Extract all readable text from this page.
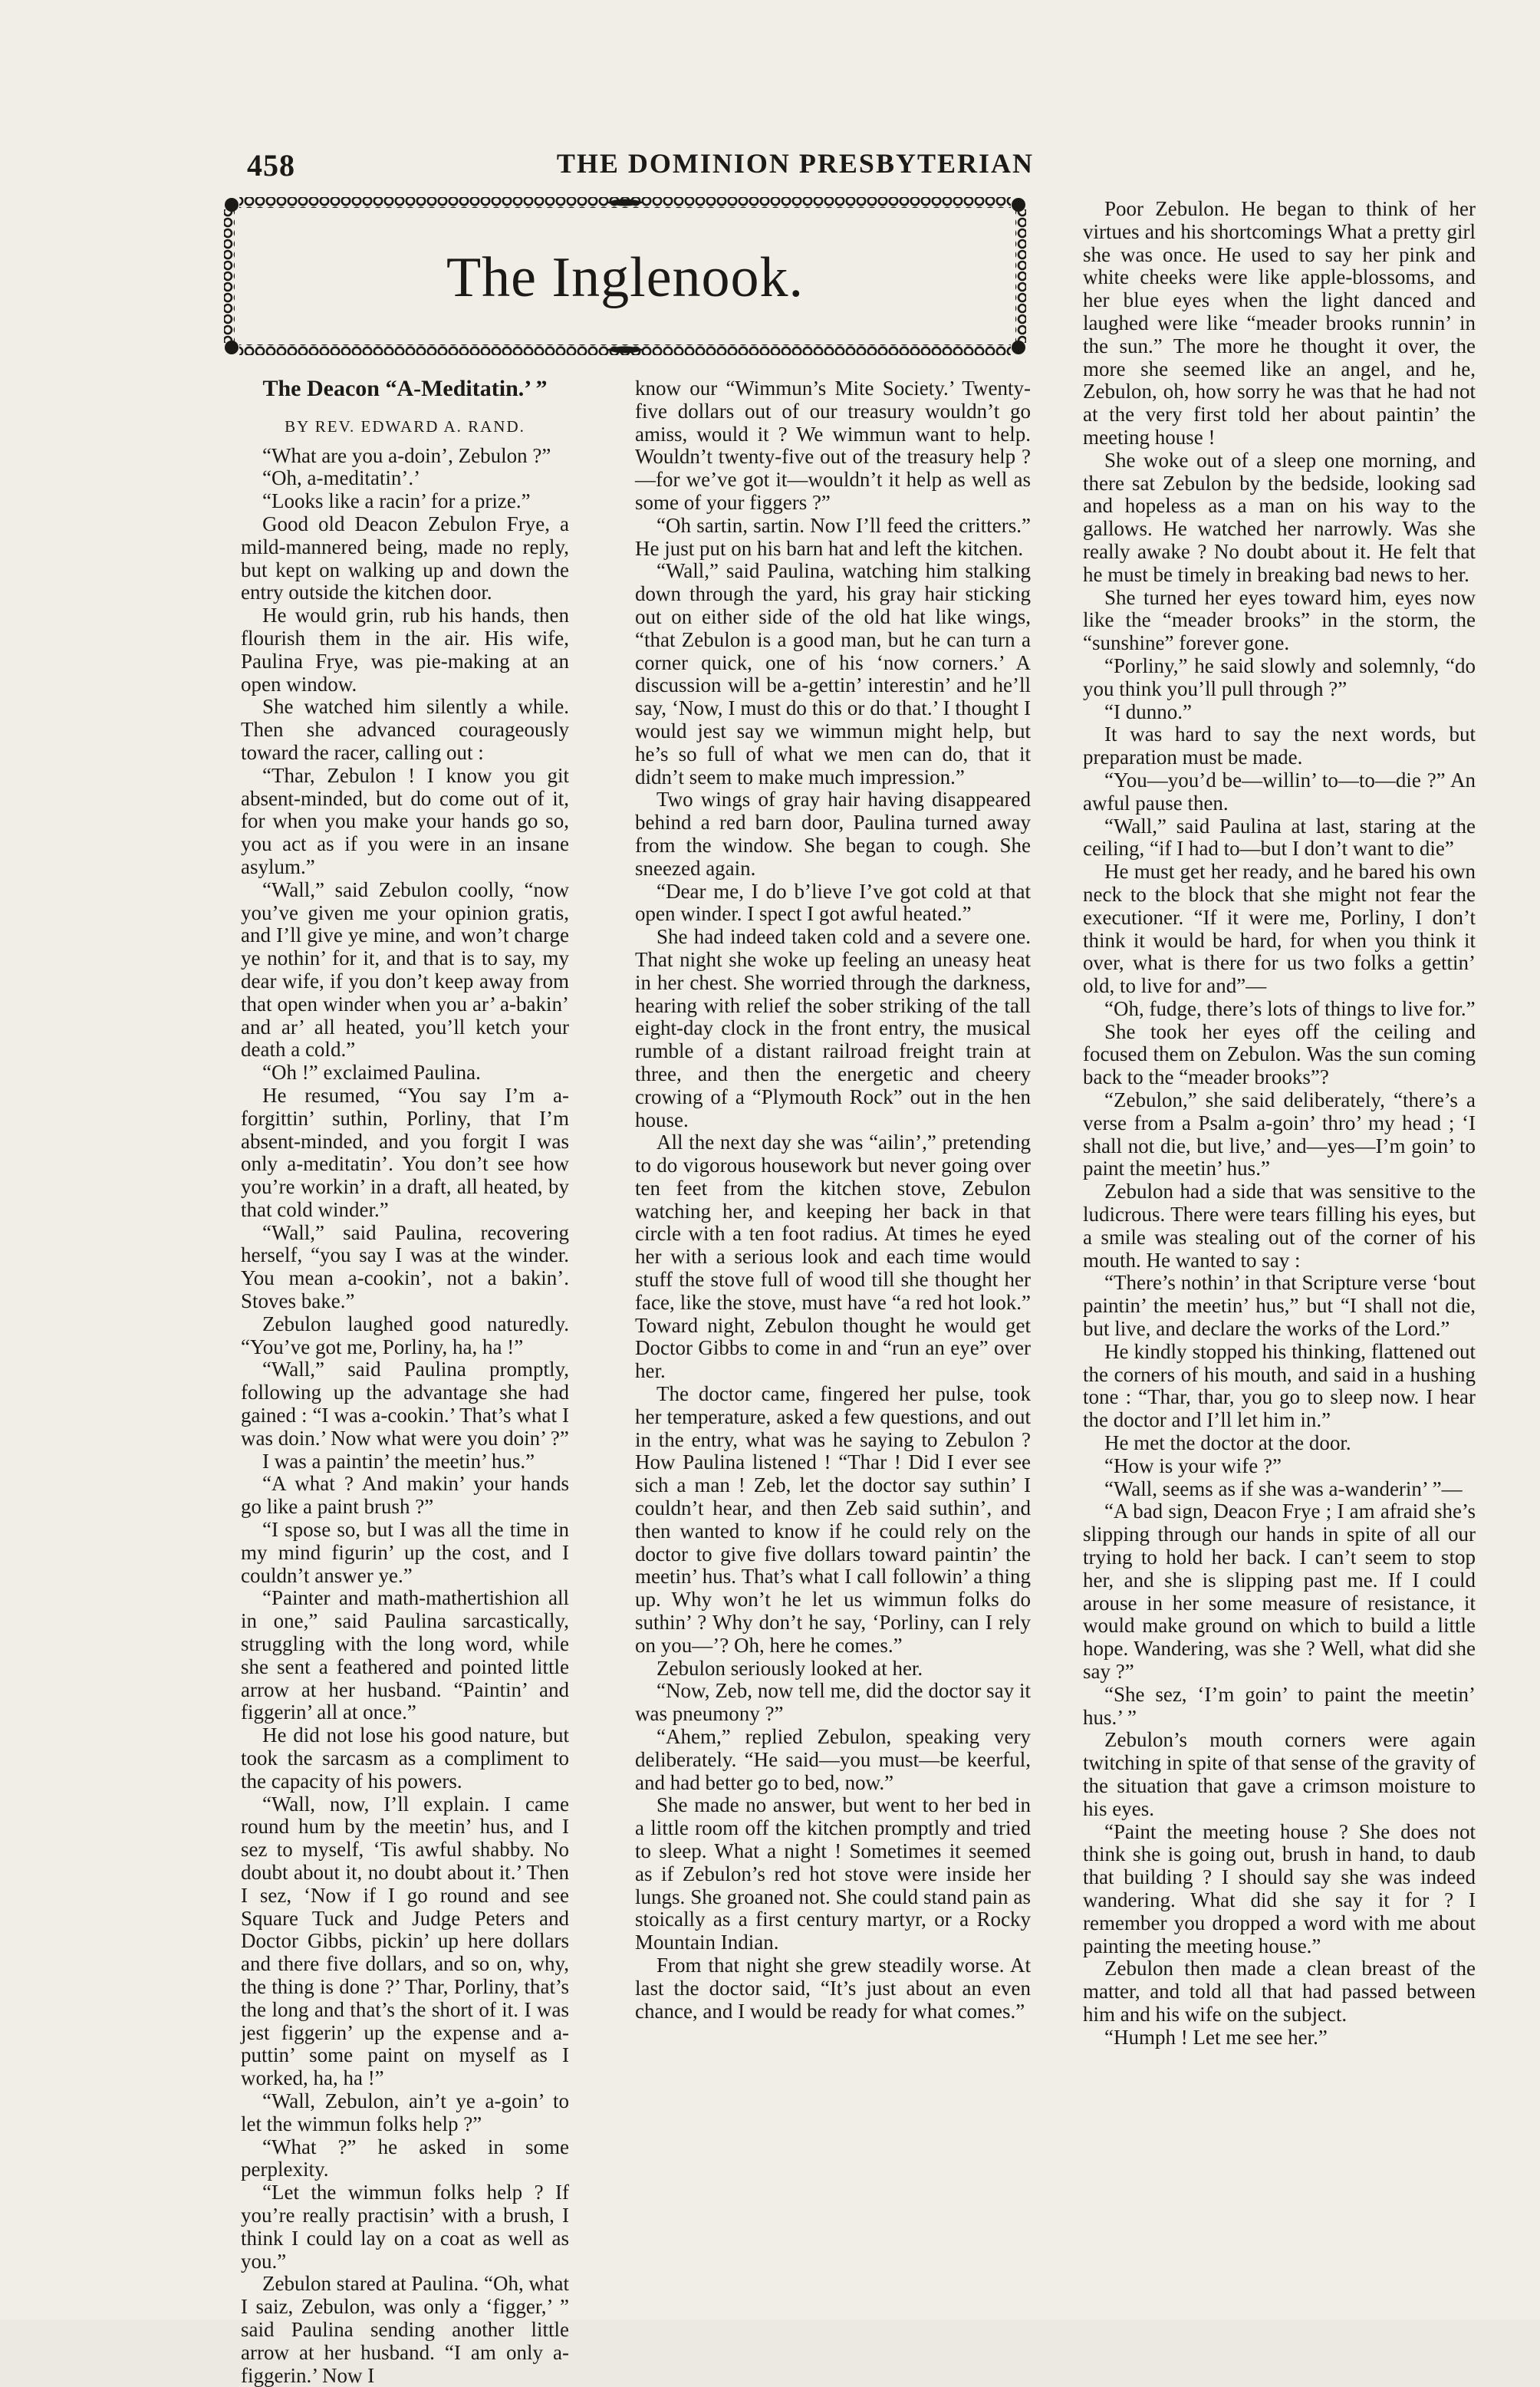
458	THE DOMINION PRESBYTERIAN
The Inglenook.

The Deacon “A-Meditatin.’ ”

BY REV. EDWARD A. RAND.

“What are you a-doin’, Zebulon ?”

“Oh, a-meditatin’.’

“Looks like a racin’ for a prize.”

Good old Deacon Zebulon Frye, a mild-mannered being, made no reply, but kept on walking up and down the entry outside the kitchen door.

He would grin, rub his hands, then flourish them in the air. His wife, Paulina Frye, was pie-making at an open window.

She watched him silently a while. Then she advanced courageously toward the racer, calling out :

“Thar, Zebulon ! I know you git absent-minded, but do come out of it, for when you make your hands go so, you act as if you were in an insane asylum.”

“Wall,” said Zebulon coolly, “now you’ve given me your opinion gratis, and I’ll give ye mine, and won’t charge ye nothin’ for it, and that is to say, my dear wife, if you don’t keep away from that open winder when you ar’ a-bakin’ and ar’ all heated, you’ll ketch your death a cold.”

“Oh !” exclaimed Paulina.

He resumed, “You say I’m a-forgittin’ suthin, Porliny, that I’m absent-minded, and you forgit I was only a-meditatin’. You don’t see how you’re workin’ in a draft, all heated, by that cold winder.”

“Wall,” said Paulina, recovering herself, “you say I was at the winder. You mean a-cookin’, not a bakin’. Stoves bake.”

Zebulon laughed good naturedly. “You’ve got me, Porliny, ha, ha !”

“Wall,” said Paulina promptly, following up the advantage she had gained : “I was a-cookin.’ That’s what I was doin.’ Now what were you doin’ ?”

I was a paintin’ the meetin’ hus.”

“A what ? And makin’ your hands go like a paint brush ?”

“I spose so, but I was all the time in my mind figurin’ up the cost, and I couldn’t answer ye.”

“Painter and math-mathertishion all in one,” said Paulina sarcastically, struggling with the long word, while she sent a feathered and pointed little arrow at her husband. “Paintin’ and figgerin’ all at once.”

He did not lose his good nature, but took the sarcasm as a compliment to the capacity of his powers.

“Wall, now, I’ll explain. I came round hum by the meetin’ hus, and I sez to myself, ‘Tis awful shabby. No doubt about it, no doubt about it.’ Then I sez, ‘Now if I go round and see Square Tuck and Judge Peters and Doctor Gibbs, pickin’ up here dollars and there five dollars, and so on, why, the thing is done ?’ Thar, Porliny, that’s the long and that’s the short of it. I was jest figgerin’ up the expense and a-puttin’ some paint on myself as I worked, ha, ha !”

“Wall, Zebulon, ain’t ye a-goin’ to let the wimmun folks help ?”

“What ?” he asked in some perplexity.

“Let the wimmun folks help ? If you’re really practisin’ with a brush, I think I could lay on a coat as well as you.”

Zebulon stared at Paulina. “Oh, what I saiz, Zebulon, was only a ‘figger,’ ” said Paulina sending another little arrow at her husband. “I am only a-figgerin.’ Now I

know our “Wimmun’s Mite Society.’ Twenty-five dollars out of our treasury wouldn’t go amiss, would it ? We wimmun want to help. Wouldn’t twenty-five out of the treasury help ?—for we’ve got it—wouldn’t it help as well as some of your figgers ?”

“Oh sartin, sartin. Now I’ll feed the critters.” He just put on his barn hat and left the kitchen.

“Wall,” said Paulina, watching him stalking down through the yard, his gray hair sticking out on either side of the old hat like wings, “that Zebulon is a good man, but he can turn a corner quick, one of his ‘now corners.’ A discussion will be a-gettin’ interestin’ and he’ll say, ‘Now, I must do this or do that.’ I thought I would jest say we wimmun might help, but he’s so full of what we men can do, that it didn’t seem to make much impression.”

Two wings of gray hair having disappeared behind a red barn door, Paulina turned away from the window. She began to cough. She sneezed again.

“Dear me, I do b’lieve I’ve got cold at that open winder. I spect I got awful heated.”

She had indeed taken cold and a severe one. That night she woke up feeling an uneasy heat in her chest. She worried through the darkness, hearing with relief the sober striking of the tall eight-day clock in the front entry, the musical rumble of a distant railroad freight train at three, and then the energetic and cheery crowing of a “Plymouth Rock” out in the hen house.

All the next day she was “ailin’,” pretending to do vigorous housework but never going over ten feet from the kitchen stove, Zebulon watching her, and keeping her back in that circle with a ten foot radius. At times he eyed her with a serious look and each time would stuff the stove full of wood till she thought her face, like the stove, must have “a red hot look.” Toward night, Zebulon thought he would get Doctor Gibbs to come in and “run an eye” over her.

The doctor came, fingered her pulse, took her temperature, asked a few questions, and out in the entry, what was he saying to Zebulon ? How Paulina listened ! “Thar ! Did I ever see sich a man ! Zeb, let the doctor say suthin’ I couldn’t hear, and then Zeb said suthin’, and then wanted to know if he could rely on the doctor to give five dollars toward paintin’ the meetin’ hus. That’s what I call followin’ a thing up. Why won’t he let us wimmun folks do suthin’ ? Why don’t he say, ‘Porliny, can I rely on you—’? Oh, here he comes.”

Zebulon seriously looked at her.

“Now, Zeb, now tell me, did the doctor say it was pneumony ?”

“Ahem,” replied Zebulon, speaking very deliberately. “He said—you must—be keerful, and had better go to bed, now.”

She made no answer, but went to her bed in a little room off the kitchen promptly and tried to sleep. What a night ! Sometimes it seemed as if Zebulon’s red hot stove were inside her lungs. She groaned not. She could stand pain as stoically as a first century martyr, or a Rocky Mountain Indian.

From that night she grew steadily worse. At last the doctor said, “It’s just about an even chance, and I would be ready for what comes.”

Poor Zebulon. He began to think of her virtues and his shortcomings What a pretty girl she was once. He used to say her pink and white cheeks were like apple-blossoms, and her blue eyes when the light danced and laughed were like “meader brooks runnin’ in the sun.” The more he thought it over, the more she seemed like an angel, and he, Zebulon, oh, how sorry he was that he had not at the very first told her about paintin’ the meeting house !

She woke out of a sleep one morning, and there sat Zebulon by the bedside, looking sad and hopeless as a man on his way to the gallows. He watched her narrowly. Was she really awake ? No doubt about it. He felt that he must be timely in breaking bad news to her.

She turned her eyes toward him, eyes now like the “meader brooks” in the storm, the “sunshine” forever gone.

“Porliny,” he said slowly and solemnly, “do you think you’ll pull through ?”

“I dunno.”

It was hard to say the next words, but preparation must be made.

“You—you’d be—willin’ to—to—die ?” An awful pause then.

“Wall,” said Paulina at last, staring at the ceiling, “if I had to—but I don’t want to die”

He must get her ready, and he bared his own neck to the block that she might not fear the executioner. “If it were me, Porliny, I don’t think it would be hard, for when you think it over, what is there for us two folks a gettin’ old, to live for and”—

“Oh, fudge, there’s lots of things to live for.”

She took her eyes off the ceiling and focused them on Zebulon. Was the sun coming back to the “meader brooks”?

“Zebulon,” she said deliberately, “there’s a verse from a Psalm a-goin’ thro’ my head ; ‘I shall not die, but live,’ and—yes—I’m goin’ to paint the meetin’ hus.”

Zebulon had a side that was sensitive to the ludicrous. There were tears filling his eyes, but a smile was stealing out of the corner of his mouth. He wanted to say :

“There’s nothin’ in that Scripture verse ‘bout paintin’ the meetin’ hus,” but “I shall not die, but live, and declare the works of the Lord.”

He kindly stopped his thinking, flattened out the corners of his mouth, and said in a hushing tone : “Thar, thar, you go to sleep now. I hear the doctor and I’ll let him in.”

He met the doctor at the door.

“How is your wife ?”

“Wall, seems as if she was a-wanderin’ ”—

“A bad sign, Deacon Frye ; I am afraid she’s slipping through our hands in spite of all our trying to hold her back. I can’t seem to stop her, and she is slipping past me. If I could arouse in her some measure of resistance, it would make ground on which to build a little hope. Wandering, was she ? Well, what did she say ?”

“She sez, ‘I’m goin’ to paint the meetin’ hus.’ ”

Zebulon’s mouth corners were again twitching in spite of that sense of the gravity of the situation that gave a crimson moisture to his eyes.

“Paint the meeting house ? She does not think she is going out, brush in hand, to daub that building ? I should say she was indeed wandering. What did she say it for ? I remember you dropped a word with me about painting the meeting house.”

Zebulon then made a clean breast of the matter, and told all that had passed between him and his wife on the subject.

“Humph ! Let me see her.”
